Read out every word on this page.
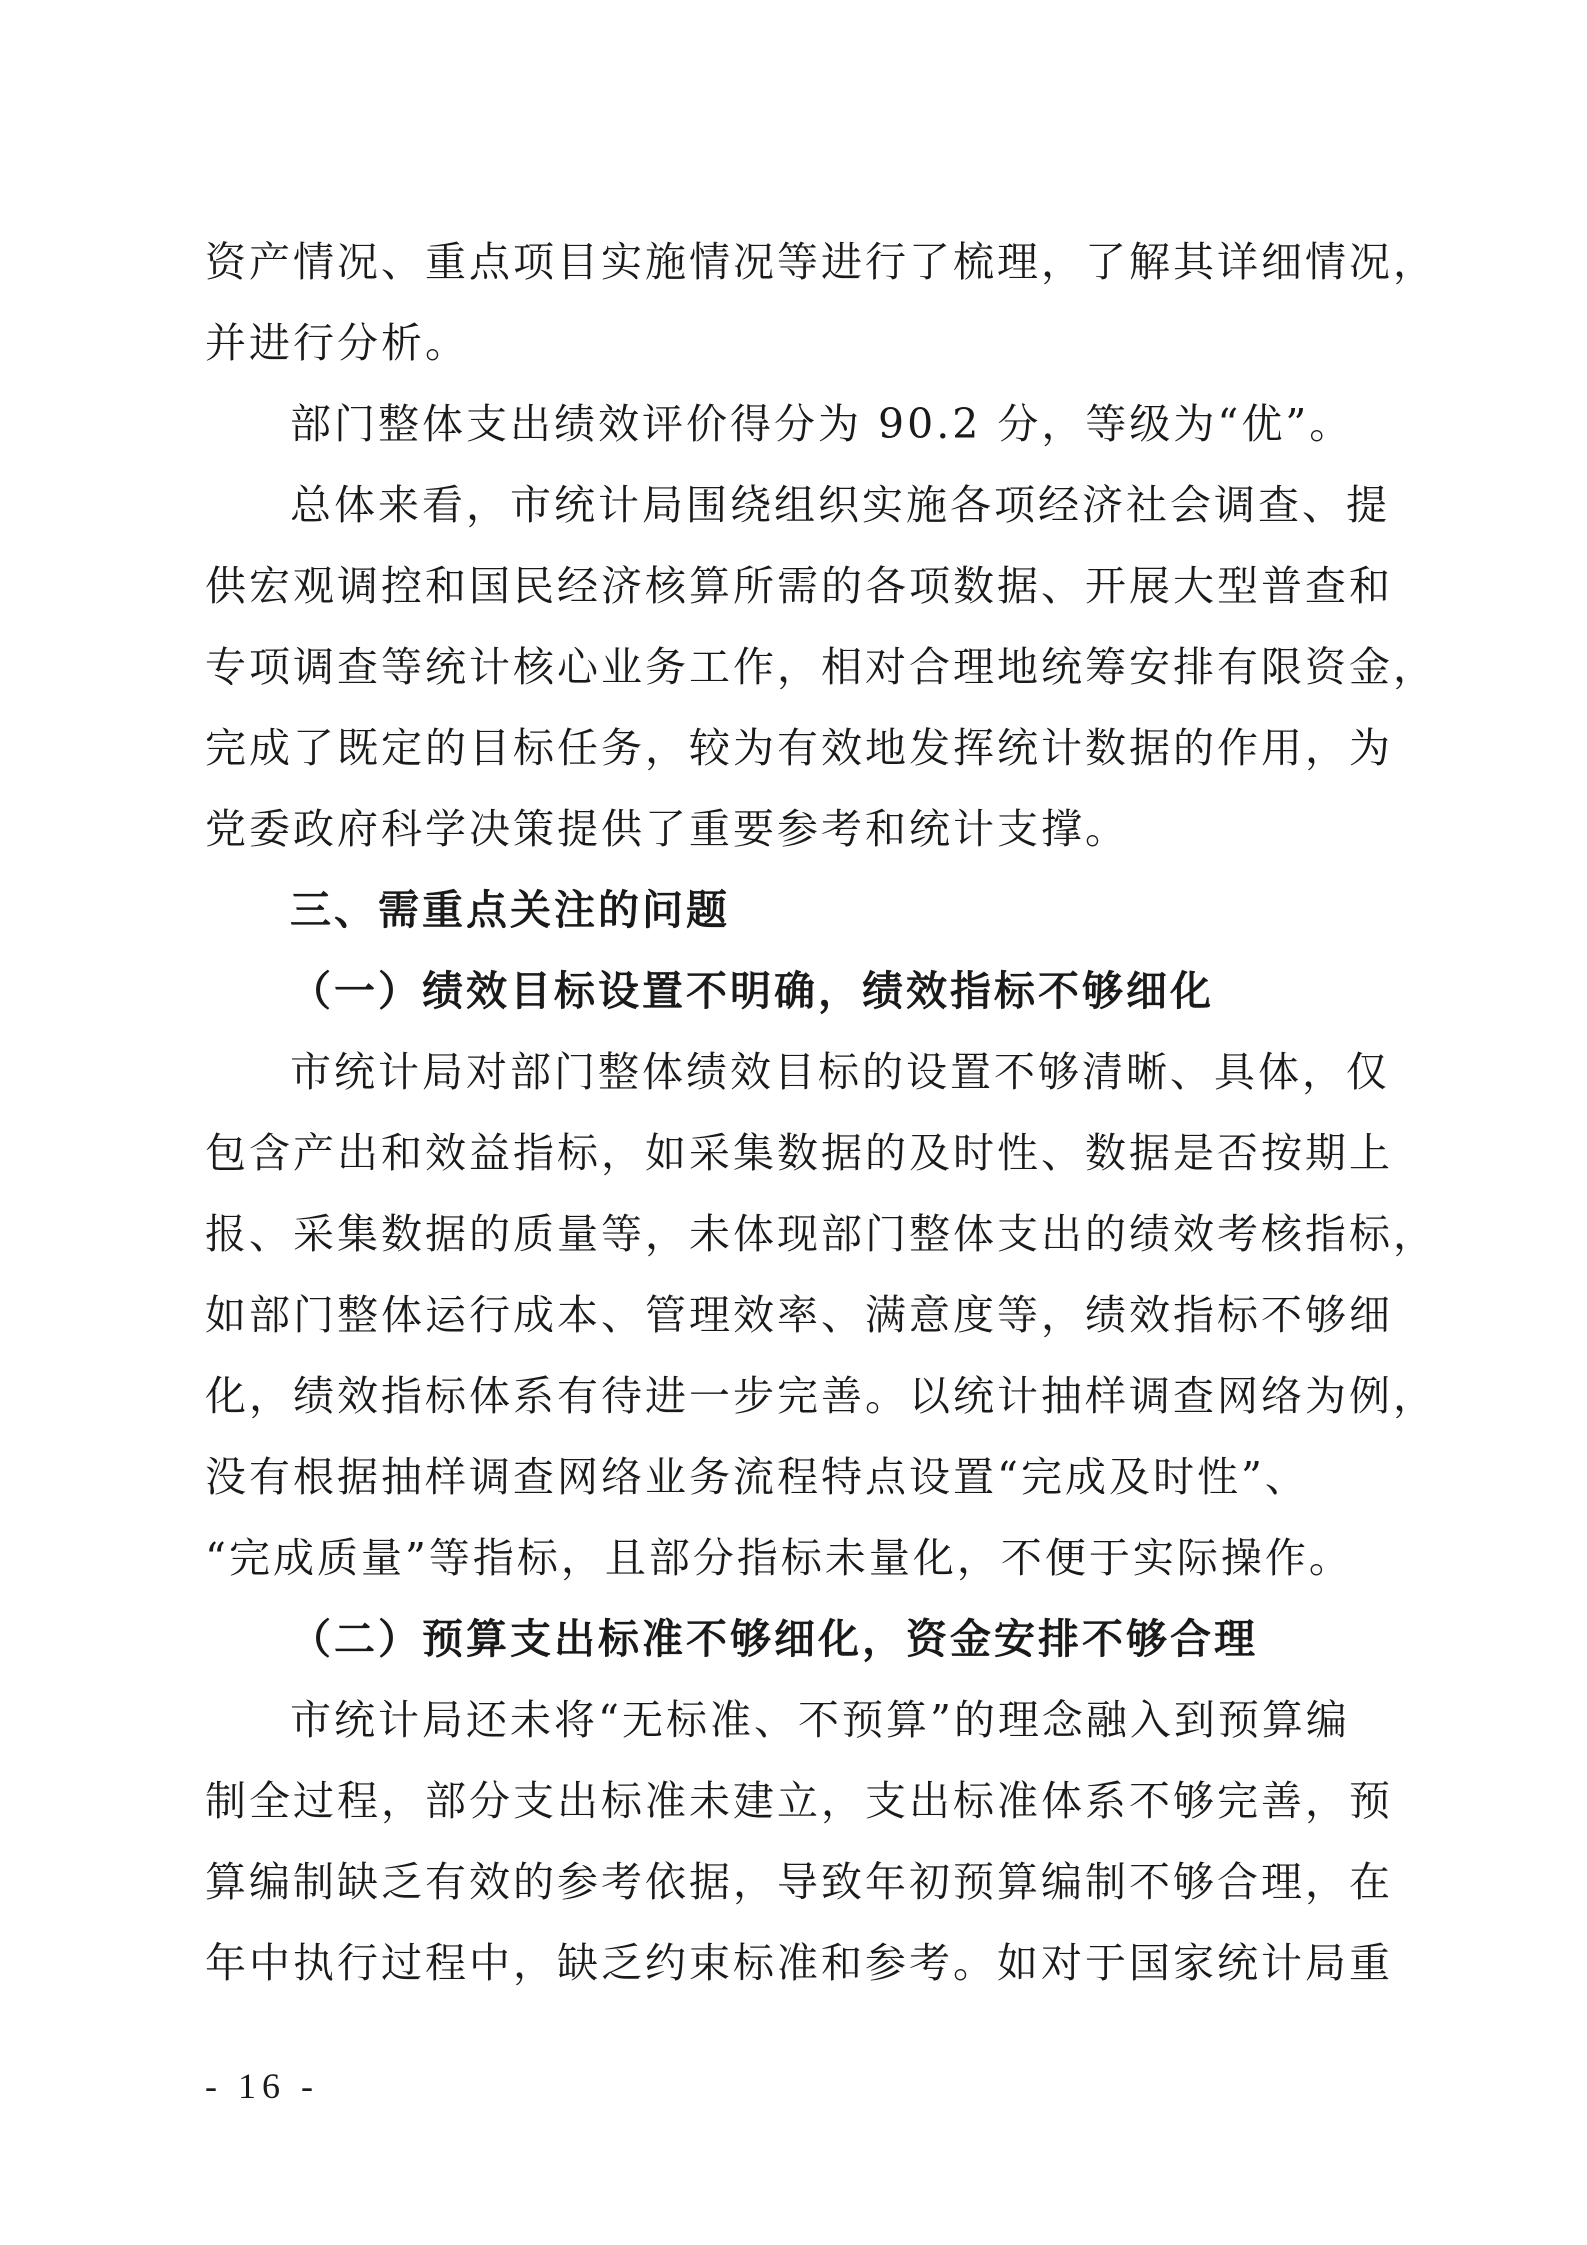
资产情况、重点项目实施情况等进行了梳理，了解其详细情况，
并进行分析。
部门整体支出绩效评价得分为 90.2 分，等级为“优”。
总体来看，市统计局围绕组织实施各项经济社会调查、提
供宏观调控和国民经济核算所需的各项数据、开展大型普查和
专项调查等统计核心业务工作，相对合理地统筹安排有限资金，
完成了既定的目标任务，较为有效地发挥统计数据的作用，为
党委政府科学决策提供了重要参考和统计支撑。
三、需重点关注的问题
（一）绩效目标设置不明确，绩效指标不够细化
市统计局对部门整体绩效目标的设置不够清晰、具体，仅
包含产出和效益指标，如采集数据的及时性、数据是否按期上
报、采集数据的质量等，未体现部门整体支出的绩效考核指标，
如部门整体运行成本、管理效率、满意度等，绩效指标不够细
化，绩效指标体系有待进一步完善。以统计抽样调查网络为例，
没有根据抽样调查网络业务流程特点设置“完成及时性”、
“完成质量”等指标，且部分指标未量化，不便于实际操作。
（二）预算支出标准不够细化，资金安排不够合理
市统计局还未将“无标准、不预算”的理念融入到预算编
制全过程，部分支出标准未建立，支出标准体系不够完善，预
算编制缺乏有效的参考依据，导致年初预算编制不够合理，在
年中执行过程中，缺乏约束标准和参考。如对于国家统计局重
- 16 -
